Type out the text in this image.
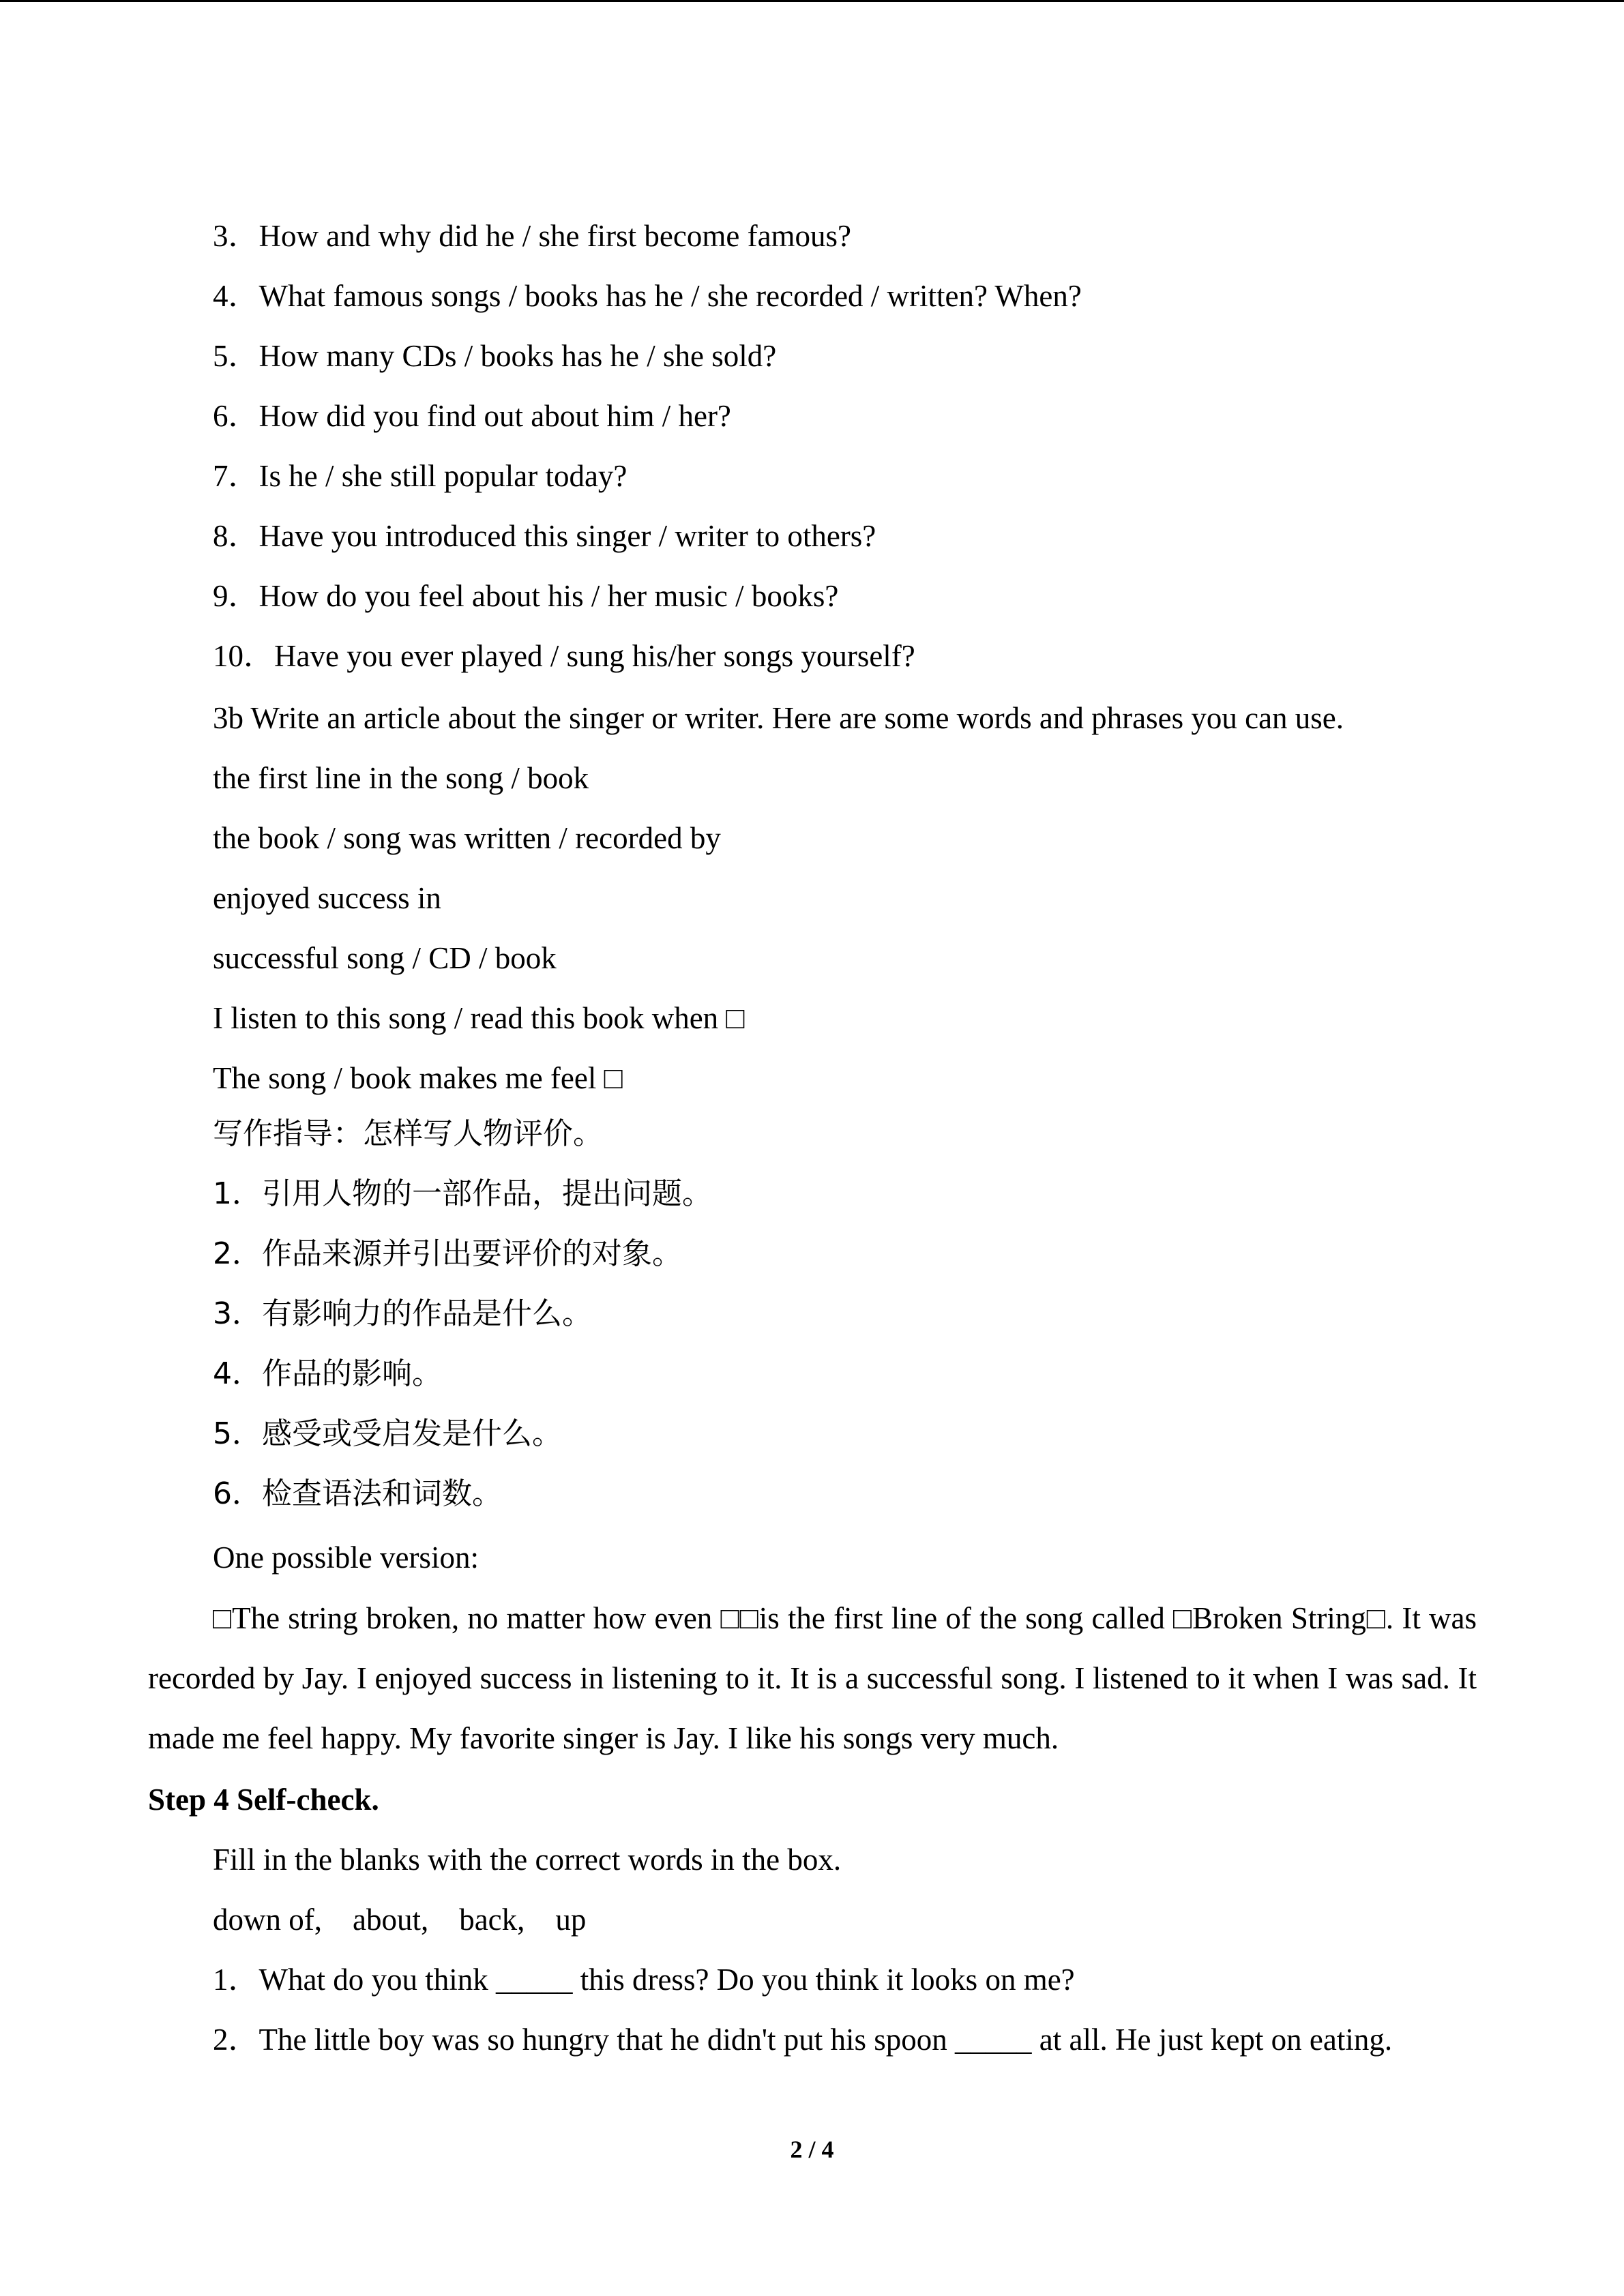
3．How and why did he / she first become famous?
4．What famous songs / books has he / she recorded / written? When?
5．How many CDs / books has he / she sold?
6．How did you find out about him / her?
7．Is he / she still popular today?
8．Have you introduced this singer / writer to others?
9．How do you feel about his / her music / books?
10．Have you ever played / sung his/her songs yourself?
3b Write an article about the singer or writer. Here are some words and phrases you can use.
the first line in the song / book
the book / song was written / recorded by
enjoyed success in
successful song / CD / book
I listen to this song / read this book when □
The song / book makes me feel □
写作指导：怎样写人物评价。
1．引用人物的一部作品，提出问题。
2．作品来源并引出要评价的对象。
3．有影响力的作品是什么。
4．作品的影响。
5．感受或受启发是什么。
6．检查语法和词数。
One possible version:
□The string broken, no matter how even □□is the first line of the song called □Broken String□. It was recorded by Jay. I enjoyed success in listening to it. It is a successful song. I listened to it when I was sad. It made me feel happy. My favorite singer is Jay. I like his songs very much.
Step 4 Self-check.
Fill in the blanks with the correct words in the box.
down of,    about,    back,    up
1．What do you think _____ this dress? Do you think it looks on me?
2．The little boy was so hungry that he didn't put his spoon _____ at all. He just kept on eating.
2 / 4
